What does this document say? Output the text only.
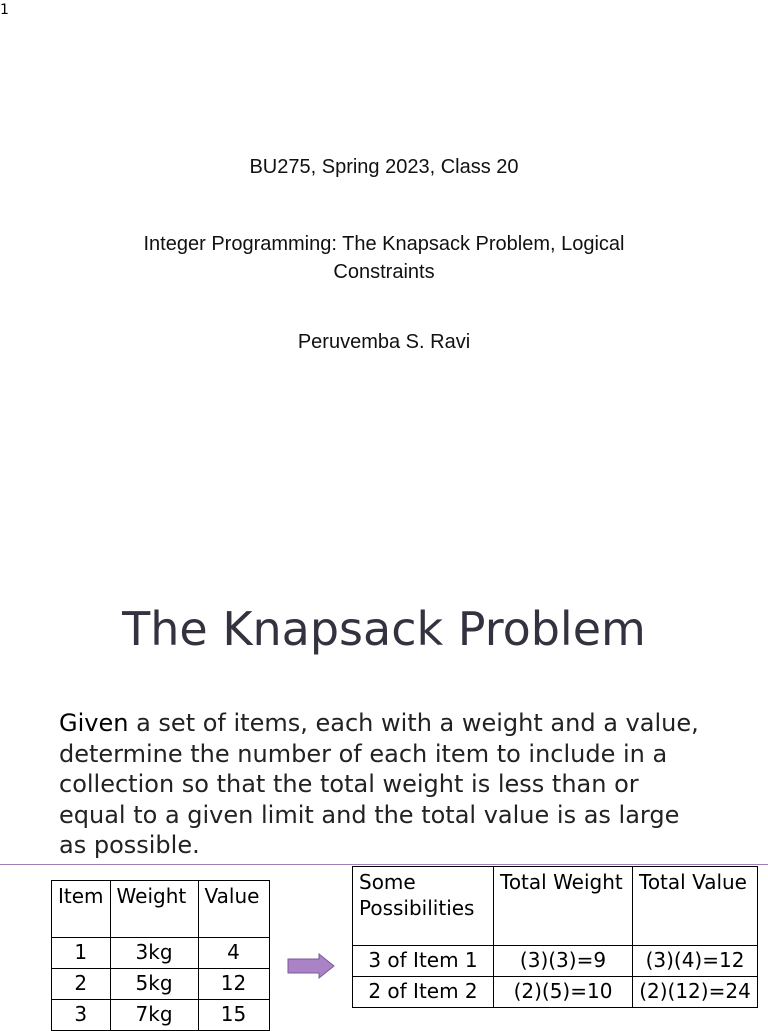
1
BU275, Spring 2023, Class 20
Integer Programming: The Knapsack Problem, Logical Constraints
Peruvemba S. Ravi
The Knapsack Problem
Given a set of items, each with a weight and a value, determine the number of each item to include in a collection so that the total weight is less than or equal to a given limit and the total value is as large as possible.
Item	Weight	Value
1	3kg	4
2	5kg	12
3	7kg	15
Some Possibilities	Total Weight	Total Value
3 of Item 1	(3)(3)=9	(3)(4)=12
2 of Item 2	(2)(5)=10	(2)(12)=24
